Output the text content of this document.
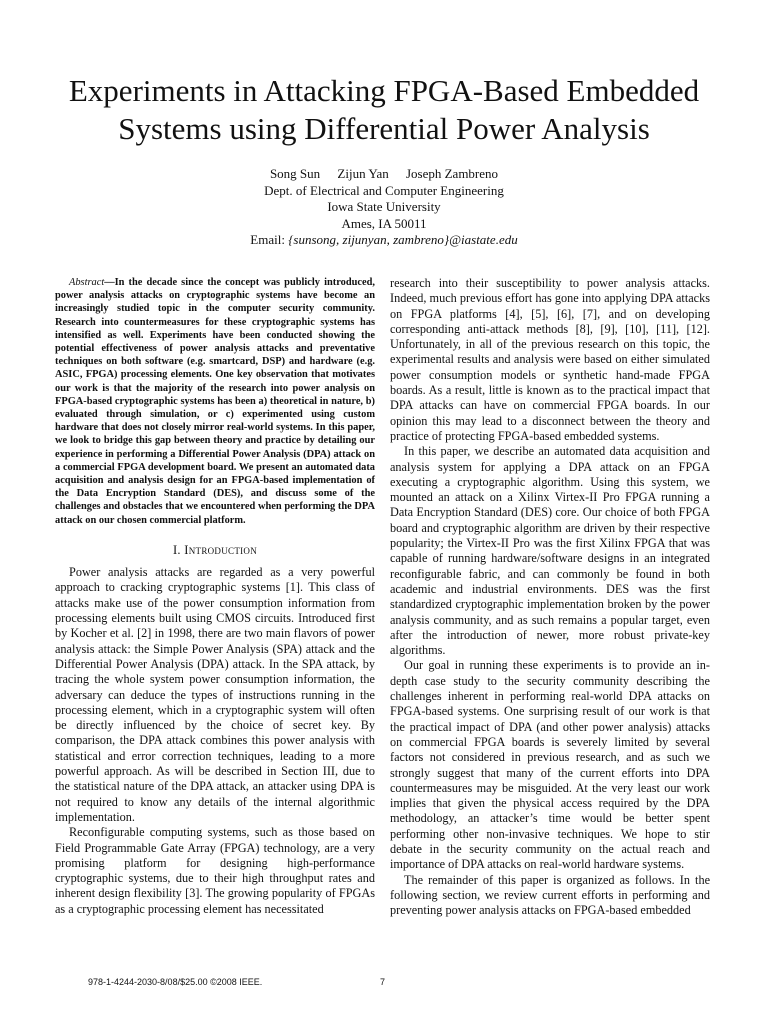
Experiments in Attacking FPGA-Based Embedded
Systems using Differential Power Analysis
Song Sun Zijun Yan Joseph Zambreno
Dept. of Electrical and Computer Engineering
Iowa State University
Ames, IA 50011
Email: {sunsong, zijunyan, zambreno}@iastate.edu

Abstract—In the decade since the concept was publicly introduced, power analysis attacks on cryptographic systems have become an increasingly studied topic in the computer security community. Research into countermeasures for these cryptographic systems has intensified as well. Experiments have been conducted showing the potential effectiveness of power analysis attacks and preventative techniques on both software (e.g. smartcard, DSP) and hardware (e.g. ASIC, FPGA) processing elements. One key observation that motivates our work is that the majority of the research into power analysis on FPGA-based cryptographic systems has been a) theoretical in nature, b) evaluated through simulation, or c) experimented using custom hardware that does not closely mirror real-world systems. In this paper, we look to bridge this gap between theory and practice by detailing our experience in performing a Differential Power Analysis (DPA) attack on a commercial FPGA development board. We present an automated data acquisition and analysis design for an FPGA-based implementation of the Data Encryption Standard (DES), and discuss some of the challenges and obstacles that we encountered when performing the DPA attack on our chosen commercial platform.

I. Introduction

Power analysis attacks are regarded as a very powerful approach to cracking cryptographic systems [1]. This class of attacks make use of the power consumption information from processing elements built using CMOS circuits. Introduced first by Kocher et al. [2] in 1998, there are two main flavors of power analysis attack: the Simple Power Analysis (SPA) attack and the Differential Power Analysis (DPA) attack. In the SPA attack, by tracing the whole system power consumption information, the adversary can deduce the types of instructions running in the processing element, which in a cryptographic system will often be directly influenced by the choice of secret key. By comparison, the DPA attack combines this power analysis with statistical and error correction techniques, leading to a more powerful approach. As will be described in Section III, due to the statistical nature of the DPA attack, an attacker using DPA is not required to know any details of the internal algorithmic implementation.

Reconfigurable computing systems, such as those based on Field Programmable Gate Array (FPGA) technology, are a very promising platform for designing high-performance cryptographic systems, due to their high throughput rates and inherent design flexibility [3]. The growing popularity of FPGAs as a cryptographic processing element has necessitated

research into their susceptibility to power analysis attacks. Indeed, much previous effort has gone into applying DPA attacks on FPGA platforms [4], [5], [6], [7], and on developing corresponding anti-attack methods [8], [9], [10], [11], [12]. Unfortunately, in all of the previous research on this topic, the experimental results and analysis were based on either simulated power consumption models or synthetic hand-made FPGA boards. As a result, little is known as to the practical impact that DPA attacks can have on commercial FPGA boards. In our opinion this may lead to a disconnect between the theory and practice of protecting FPGA-based embedded systems.

In this paper, we describe an automated data acquisition and analysis system for applying a DPA attack on an FPGA executing a cryptographic algorithm. Using this system, we mounted an attack on a Xilinx Virtex-II Pro FPGA running a Data Encryption Standard (DES) core. Our choice of both FPGA board and cryptographic algorithm are driven by their respective popularity; the Virtex-II Pro was the first Xilinx FPGA that was capable of running hardware/software designs in an integrated reconfigurable fabric, and can commonly be found in both academic and industrial environments. DES was the first standardized cryptographic implementation broken by the power analysis community, and as such remains a popular target, even after the introduction of newer, more robust private-key algorithms.

Our goal in running these experiments is to provide an in-depth case study to the security community describing the challenges inherent in performing real-world DPA attacks on FPGA-based systems. One surprising result of our work is that the practical impact of DPA (and other power analysis) attacks on commercial FPGA boards is severely limited by several factors not considered in previous research, and as such we strongly suggest that many of the current efforts into DPA countermeasures may be misguided. At the very least our work implies that given the physical access required by the DPA methodology, an attacker’s time would be better spent performing other non-invasive techniques. We hope to stir debate in the security community on the actual reach and importance of DPA attacks on real-world hardware systems.

The remainder of this paper is organized as follows. In the following section, we review current efforts in performing and preventing power analysis attacks on FPGA-based embedded

978-1-4244-2030-8/08/$25.00 ©2008 IEEE.	7
